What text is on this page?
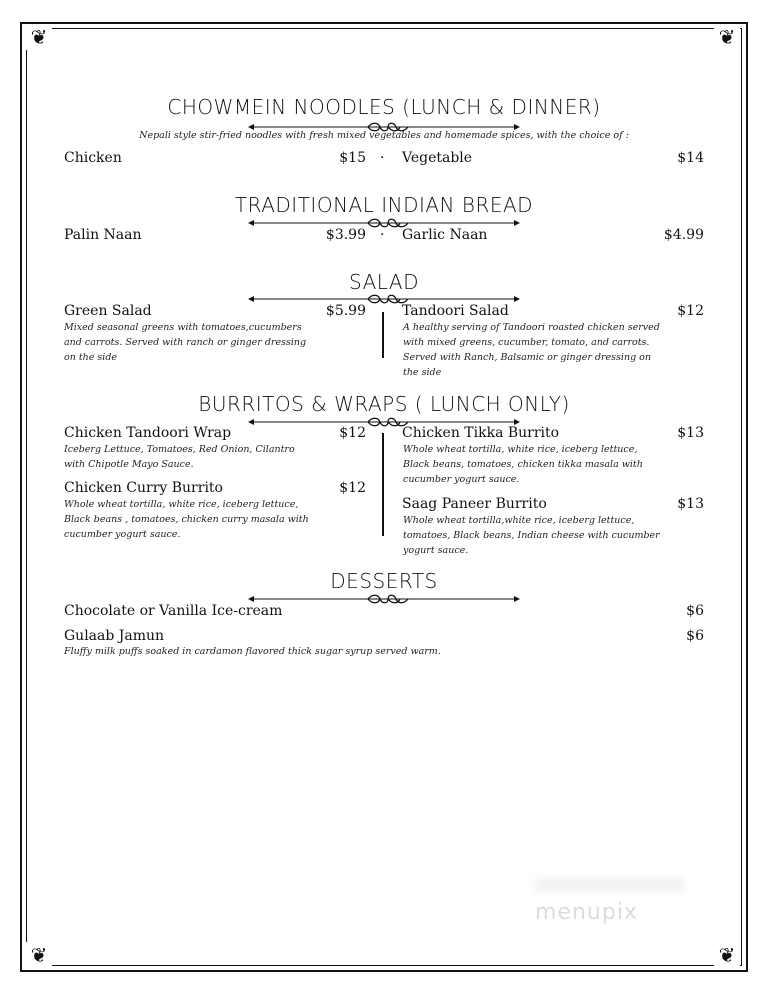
❦	❦
❦	❦
CHOWMEIN NOODLES (LUNCH & DINNER)
Nepali style stir-fried noodles with fresh mixed vegetables and homemade spices, with the choice of :
Chicken	$15 · Vegetable	$14
TRADITIONAL INDIAN BREAD
Palin Naan	$3.99 · Garlic Naan	$4.99
SALAD
Green Salad	$5.99
Mixed seasonal greens with tomatoes,cucumbers and carrots. Served with ranch or ginger dressing on the side
Tandoori Salad	$12
A healthy serving of Tandoori roasted chicken served with mixed greens, cucumber, tomato, and carrots. Served with Ranch, Balsamic or ginger dressing on the side
BURRITOS & WRAPS ( LUNCH ONLY)
Chicken Tandoori Wrap	$12
Iceberg Lettuce, Tomatoes, Red Onion, Cilantro with Chipotle Mayo Sauce.
Chicken Curry Burrito	$12
Whole wheat tortilla, white rice, iceberg lettuce, Black beans , tomatoes, chicken curry masala with cucumber yogurt sauce.
Chicken Tikka Burrito	$13
Whole wheat tortilla, white rice, iceberg lettuce, Black beans, tomatoes, chicken tikka masala with cucumber yogurt sauce.
Saag Paneer Burrito	$13
Whole wheat tortilla,white rice, iceberg lettuce, tomatoes, Black beans, Indian cheese with cucumber yogurt sauce.
DESSERTS
Chocolate or Vanilla Ice-cream	$6
Gulaab Jamun	$6
Fluffy milk puffs soaked in cardamon flavored thick sugar syrup served warm.
menupix
